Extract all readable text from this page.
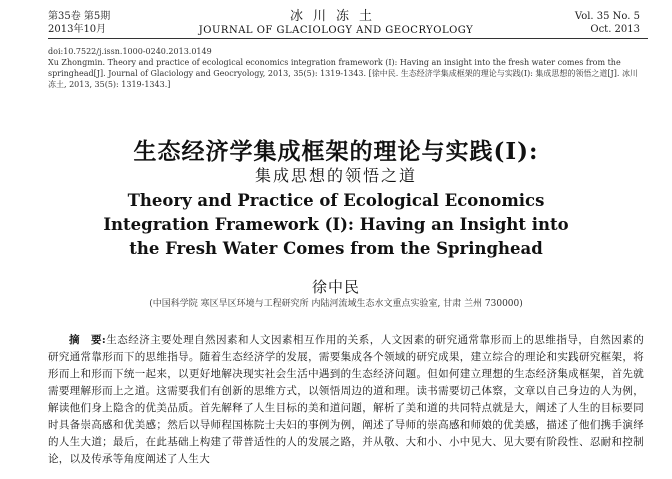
第35卷 第5期
2013年10月
冰川冻土
JOURNAL OF GLACIOLOGY AND GEOCRYOLOGY
Vol. 35 No. 5
Oct. 2013
doi:10.7522/j.issn.1000-0240.2013.0149
Xu Zhongmin. Theory and practice of ecological economics integration framework (Ⅰ): Having an insight into the fresh water comes from the springhead[J]. Journal of Glaciology and Geocryology, 2013, 35(5): 1319-1343. [徐中民. 生态经济学集成框架的理论与实践(Ⅰ): 集成思想的领悟之道[J]. 冰川冻土, 2013, 35(5): 1319-1343.]
生态经济学集成框架的理论与实践(Ⅰ):
集成思想的领悟之道
Theory and Practice of Ecological Economics Integration Framework (Ⅰ): Having an Insight into the Fresh Water Comes from the Springhead
徐中民
(中国科学院 寒区旱区环境与工程研究所 内陆河流域生态水文重点实验室, 甘肃 兰州 730000)
摘　要:生态经济主要处理自然因素和人文因素相互作用的关系，人文因素的研究通常靠形而上的思维指导，自然因素的研究通常靠形而下的思维指导。随着生态经济学的发展，需要集成各个领域的研究成果，建立综合的理论和实践研究框架，将形而上和形而下统一起来，以更好地解决现实社会生活中遇到的生态经济问题。但如何建立理想的生态经济集成框架，首先就需要理解形而上之道。这需要我们有创新的思维方式，以领悟周边的道和理。读书需要切己体察，文章以自己身边的人为例，解读他们身上隐含的优美品质。首先解释了人生目标的美和道问题，解析了美和道的共同特点就是大，阐述了人生的目标要同时具备崇高感和优美感；然后以导师程国栋院士夫妇的事例为例，阐述了导师的崇高感和师娘的优美感，描述了他们携手演绎的人生大道；最后，在此基础上构建了带普适性的人的发展之路，并从敬、大和小、小中见大、见大要有阶段性、忍耐和控制论，以及传承等角度阐述了人生大
